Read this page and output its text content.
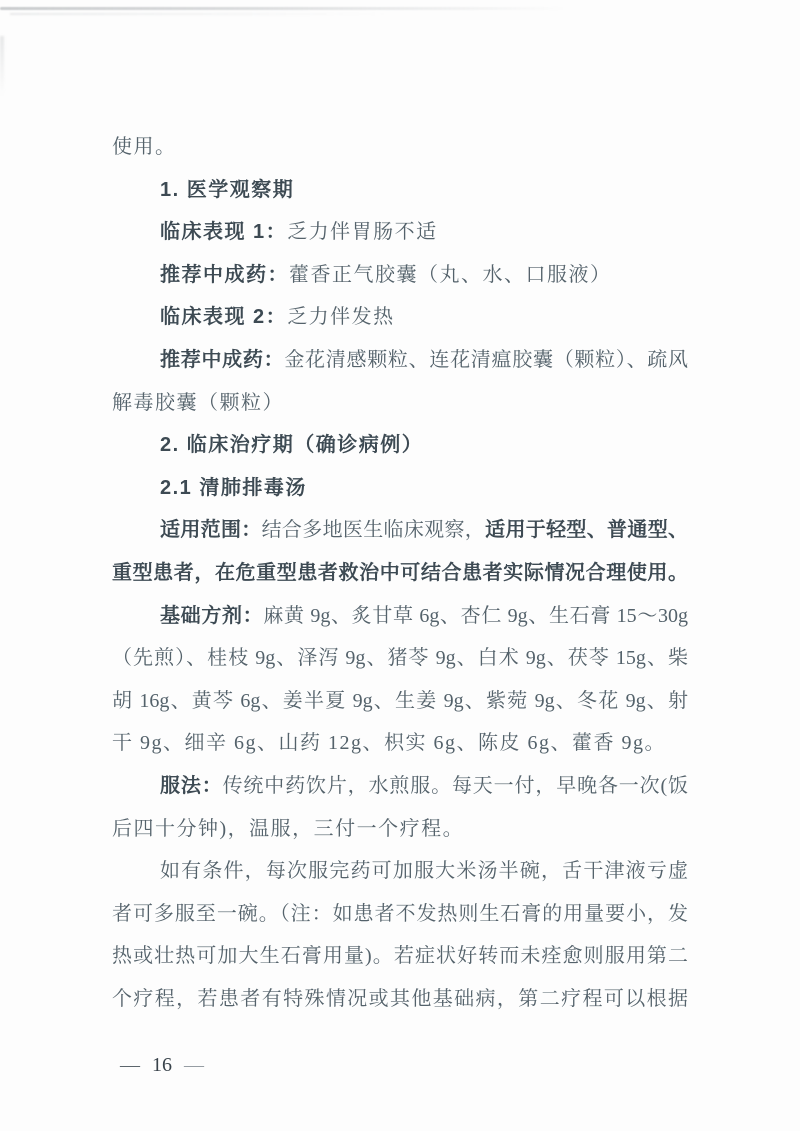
使用。
1. 医学观察期
临床表现 1：乏力伴胃肠不适
推荐中成药：藿香正气胶囊（丸、水、口服液）
临床表现 2：乏力伴发热
推荐中成药：金花清感颗粒、连花清瘟胶囊（颗粒）、疏风
解毒胶囊（颗粒）
2. 临床治疗期（确诊病例）
2.1 清肺排毒汤
适用范围：结合多地医生临床观察，适用于轻型、普通型、
重型患者，在危重型患者救治中可结合患者实际情况合理使用。
基础方剂：麻黄 9g、炙甘草 6g、杏仁 9g、生石膏 15～30g
（先煎）、桂枝 9g、泽泻 9g、猪苓 9g、白术 9g、茯苓 15g、柴
胡 16g、黄芩 6g、姜半夏 9g、生姜 9g、紫菀 9g、冬花 9g、射
干 9g、细辛 6g、山药 12g、枳实 6g、陈皮 6g、藿香 9g。
服法：传统中药饮片，水煎服。每天一付，早晚各一次(饭
后四十分钟)，温服，三付一个疗程。
如有条件，每次服完药可加服大米汤半碗，舌干津液亏虚
者可多服至一碗。（注：如患者不发热则生石膏的用量要小，发
热或壮热可加大生石膏用量)。若症状好转而未痊愈则服用第二
个疗程，若患者有特殊情况或其他基础病，第二疗程可以根据
— 16 —
